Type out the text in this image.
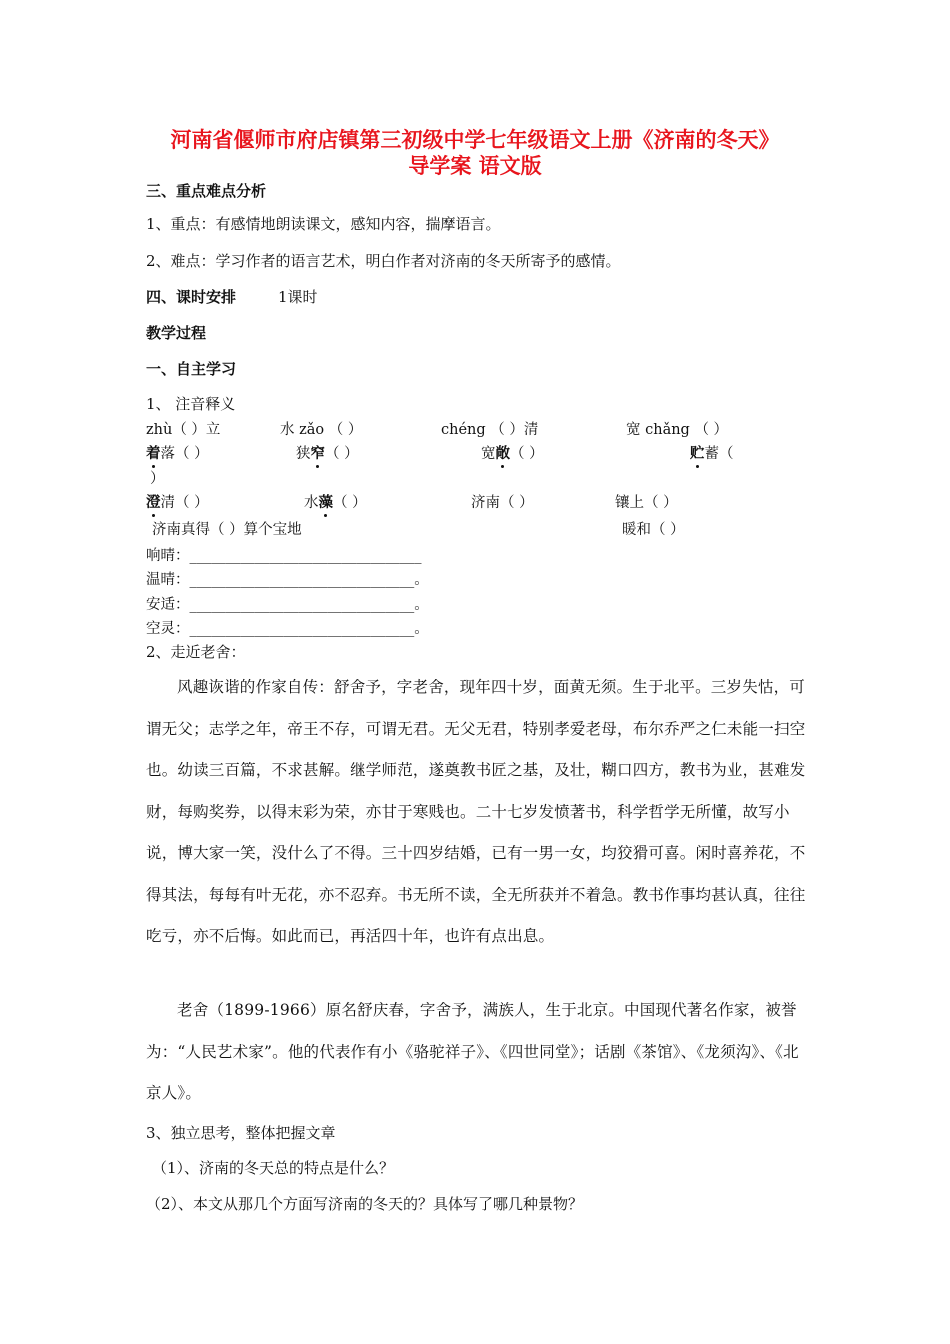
河南省偃师市府店镇第三初级中学七年级语文上册《济南的冬天》
导学案 语文版
三、重点难点分析
1、重点：有感情地朗读课文，感知内容，揣摩语言。
2、难点：学习作者的语言艺术，明白作者对济南的冬天所寄予的感情。
四、课时安排	1课时
教学过程
一、自主学习
1、 注音释义
zhù（ ）立	水 zǎo （ ）	chéng （ ）清	宽 chǎng （ ）
着落（ ）	狭窄（ ）	宽敞（ ）	贮蓄（
）
澄清（ ）	水藻（ ）	济南（ ）	镶上（ ）
济南真得（ ）算个宝地	暖和（ ）
响晴：________________________________
温晴：_______________________________。
安适：_______________________________。
空灵：_______________________________。
2、走近老舍：
风趣诙谐的作家自传：舒舍予，字老舍，现年四十岁，面黄无须。生于北平。三岁失怙，可谓无父；志学之年，帝王不存，可谓无君。无父无君，特别孝爱老母，布尔乔严之仁未能一扫空也。幼读三百篇，不求甚解。继学师范，遂奠教书匠之基，及壮，糊口四方，教书为业，甚难发财，每购奖券，以得末彩为荣，亦甘于寒贱也。二十七岁发愤著书，科学哲学无所懂，故写小说，博大家一笑，没什么了不得。三十四岁结婚，已有一男一女，均狡猾可喜。闲时喜养花，不得其法，每每有叶无花，亦不忍弃。书无所不读，全无所获并不着急。教书作事均甚认真，往往吃亏，亦不后悔。如此而已，再活四十年，也许有点出息。
老舍（1899-1966）原名舒庆春，字舍予，满族人，生于北京。中国现代著名作家，被誉为：“人民艺术家”。他的代表作有小《骆驼祥子》、《四世同堂》；话剧《茶馆》、《龙须沟》、《北京人》。
3、独立思考，整体把握文章
（1）、济南的冬天总的特点是什么？
（2）、本文从那几个方面写济南的冬天的？具体写了哪几种景物？
